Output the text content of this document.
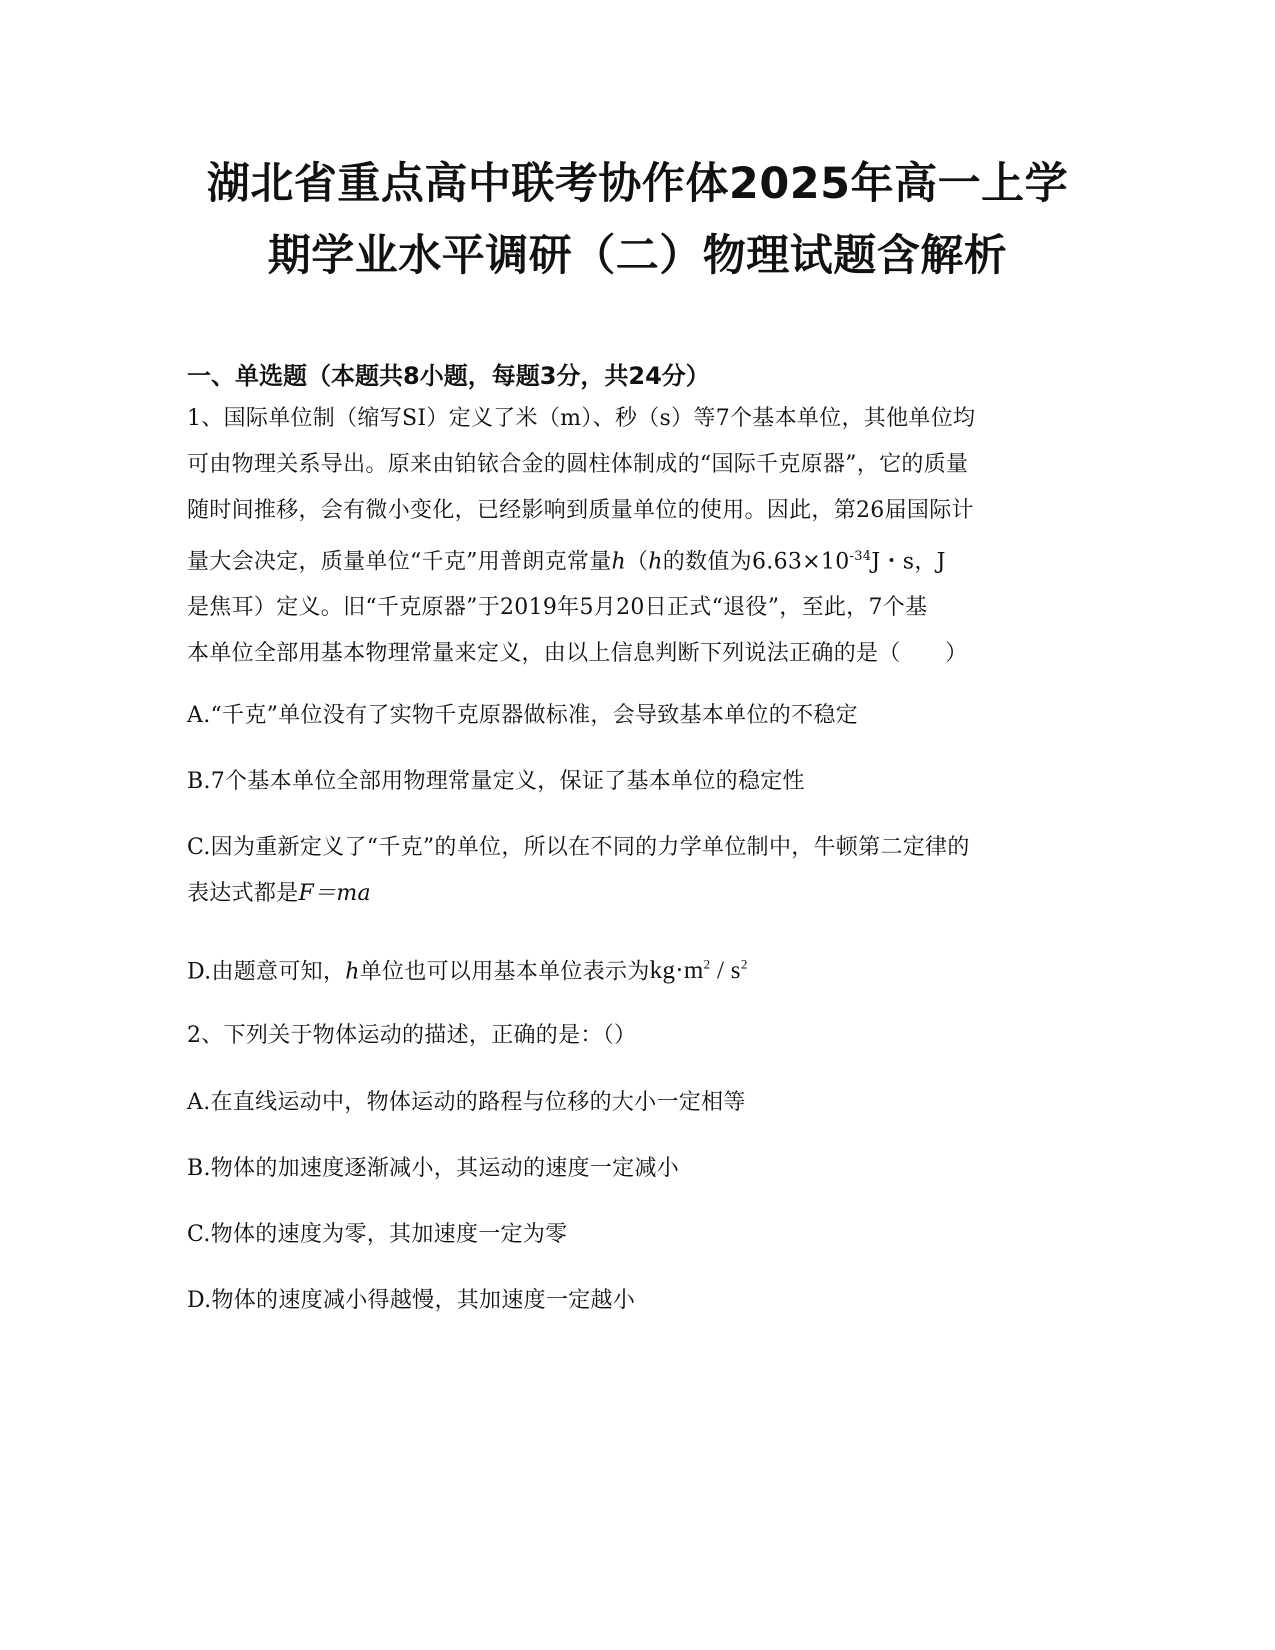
湖北省重点高中联考协作体2025年高一上学
期学业水平调研（二）物理试题含解析
一、单选题（本题共8小题，每题3分，共24分）
1、国际单位制（缩写SI）定义了米（m）、秒（s）等7个基本单位，其他单位均
可由物理关系导出。原来由铂铱合金的圆柱体制成的“国际千克原器”，它的质量
随时间推移，会有微小变化，已经影响到质量单位的使用。因此，第26届国际计
量大会决定，质量单位“千克”用普朗克常量h（h的数值为$6.63\times 10^{-34}J$・s，J
是焦耳）定义。旧“千克原器”于2019年5月20日正式“退役”，至此，7个基
本单位全部用基本物理常量来定义，由以上信息判断下列说法正确的是（　　）
A.“千克”单位没有了实物千克原器做标准，会导致基本单位的不稳定
B.7个基本单位全部用物理常量定义，保证了基本单位的稳定性
C.因为重新定义了“千克”的单位，所以在不同的力学单位制中，牛顿第二定律的
表达式都是F＝ma
D.由题意可知，h单位也可以用基本单位表示为$kg\cdot m^2 / s^2$
2、下列关于物体运动的描述，正确的是：（）
A.在直线运动中，物体运动的路程与位移的大小一定相等
B.物体的加速度逐渐减小，其运动的速度一定减小
C.物体的速度为零，其加速度一定为零
D.物体的速度减小得越慢，其加速度一定越小
